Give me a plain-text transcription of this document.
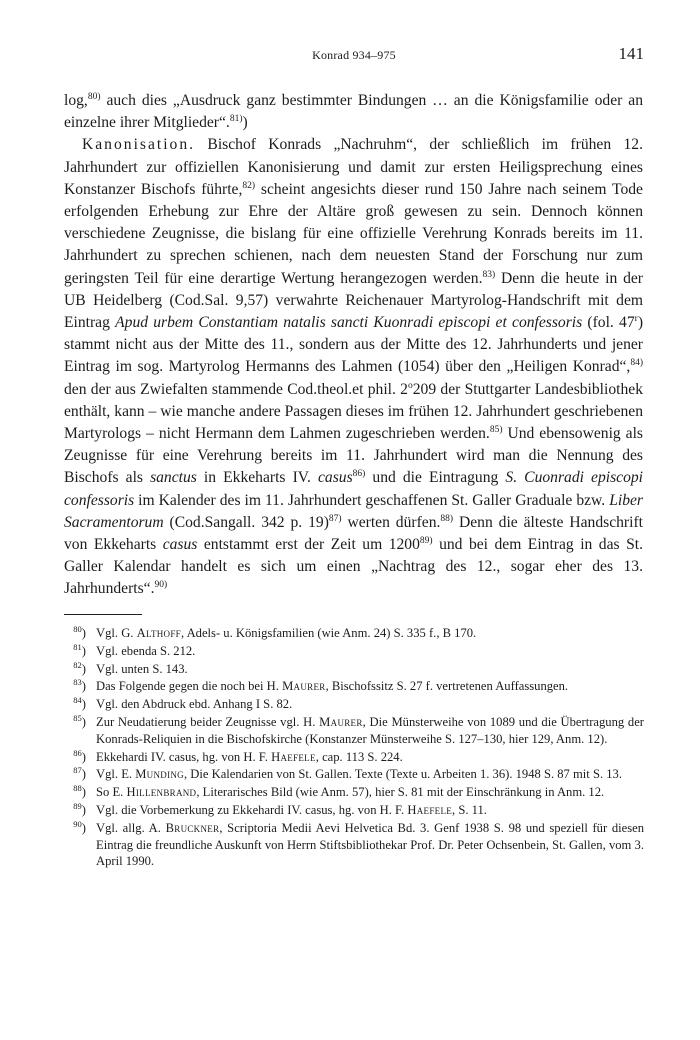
Konrad 934–975	141

log,$^{80)}$ auch dies „Ausdruck ganz bestimmter Bindungen … an die Königsfamilie oder an einzelne ihrer Mitglieder“.$^{81)}$)

Kanonisation. Bischof Konrads „Nachruhm“, der schließlich im frühen 12. Jahrhundert zur offiziellen Kanonisierung und damit zur ersten Heiligsprechung eines Konstanzer Bischofs führte,$^{82)}$ scheint angesichts dieser rund 150 Jahre nach seinem Tode erfolgenden Erhebung zur Ehre der Altäre groß gewesen zu sein. Dennoch können verschiedene Zeugnisse, die bislang für eine offizielle Verehrung Konrads bereits im 11. Jahrhundert zu sprechen schienen, nach dem neuesten Stand der Forschung nur zum geringsten Teil für eine derartige Wertung herangezogen werden.$^{83)}$ Denn die heute in der UB Heidelberg (Cod.Sal. 9,57) verwahrte Reichenauer Martyrolog-Handschrift mit dem Eintrag Apud urbem Constantiam natalis sancti Kuonradi episcopi et confessoris (fol. 47$^r$) stammt nicht aus der Mitte des 11., sondern aus der Mitte des 12. Jahrhunderts und jener Eintrag im sog. Martyrolog Hermanns des Lahmen (1054) über den „Heiligen Konrad“,$^{84)}$ den der aus Zwiefalten stammende Cod.theol.et phil. 2$^o$209 der Stuttgarter Landesbibliothek enthält, kann – wie manche andere Passagen dieses im frühen 12. Jahrhundert geschriebenen Martyrologs – nicht Hermann dem Lahmen zugeschrieben werden.$^{85)}$ Und ebensowenig als Zeugnisse für eine Verehrung bereits im 11. Jahrhundert wird man die Nennung des Bischofs als sanctus in Ekkeharts IV. casus$^{86)}$ und die Eintragung S. Cuonradi episcopi confessoris im Kalender des im 11. Jahrhundert geschaffenen St. Galler Graduale bzw. Liber Sacramentorum (Cod.Sangall. 342 p. 19)$^{87)}$ werten dürfen.$^{88)}$ Denn die älteste Handschrift von Ekkeharts casus entstammt erst der Zeit um 1200$^{89)}$ und bei dem Eintrag in das St. Galler Kalendar handelt es sich um einen „Nachtrag des 12., sogar eher des 13. Jahrhunderts“.$^{90)}$

$^{80}$) Vgl. G. Althoff, Adels- u. Königsfamilien (wie Anm. 24) S. 335 f., B 170.
$^{81}$) Vgl. ebenda S. 212.
$^{82}$) Vgl. unten S. 143.
$^{83}$) Das Folgende gegen die noch bei H. Maurer, Bischofssitz S. 27 f. vertretenen Auffassungen.
$^{84}$) Vgl. den Abdruck ebd. Anhang I S. 82.
$^{85}$) Zur Neudatierung beider Zeugnisse vgl. H. Maurer, Die Münsterweihe von 1089 und die Übertragung der Konrads-Reliquien in die Bischofskirche (Konstanzer Münsterweihe S. 127–130, hier 129, Anm. 12).
$^{86}$) Ekkehardi IV. casus, hg. von H. F. Haefele, cap. 113 S. 224.
$^{87}$) Vgl. E. Munding, Die Kalendarien von St. Gallen. Texte (Texte u. Arbeiten 1. 36). 1948 S. 87 mit S. 13.
$^{88}$) So E. Hillenbrand, Literarisches Bild (wie Anm. 57), hier S. 81 mit der Einschränkung in Anm. 12.
$^{89}$) Vgl. die Vorbemerkung zu Ekkehardi IV. casus, hg. von H. F. Haefele, S. 11.
$^{90}$) Vgl. allg. A. Bruckner, Scriptoria Medii Aevi Helvetica Bd. 3. Genf 1938 S. 98 und speziell für diesen Eintrag die freundliche Auskunft von Herrn Stiftsbibliothekar Prof. Dr. Peter Ochsenbein, St. Gallen, vom 3. April 1990.
